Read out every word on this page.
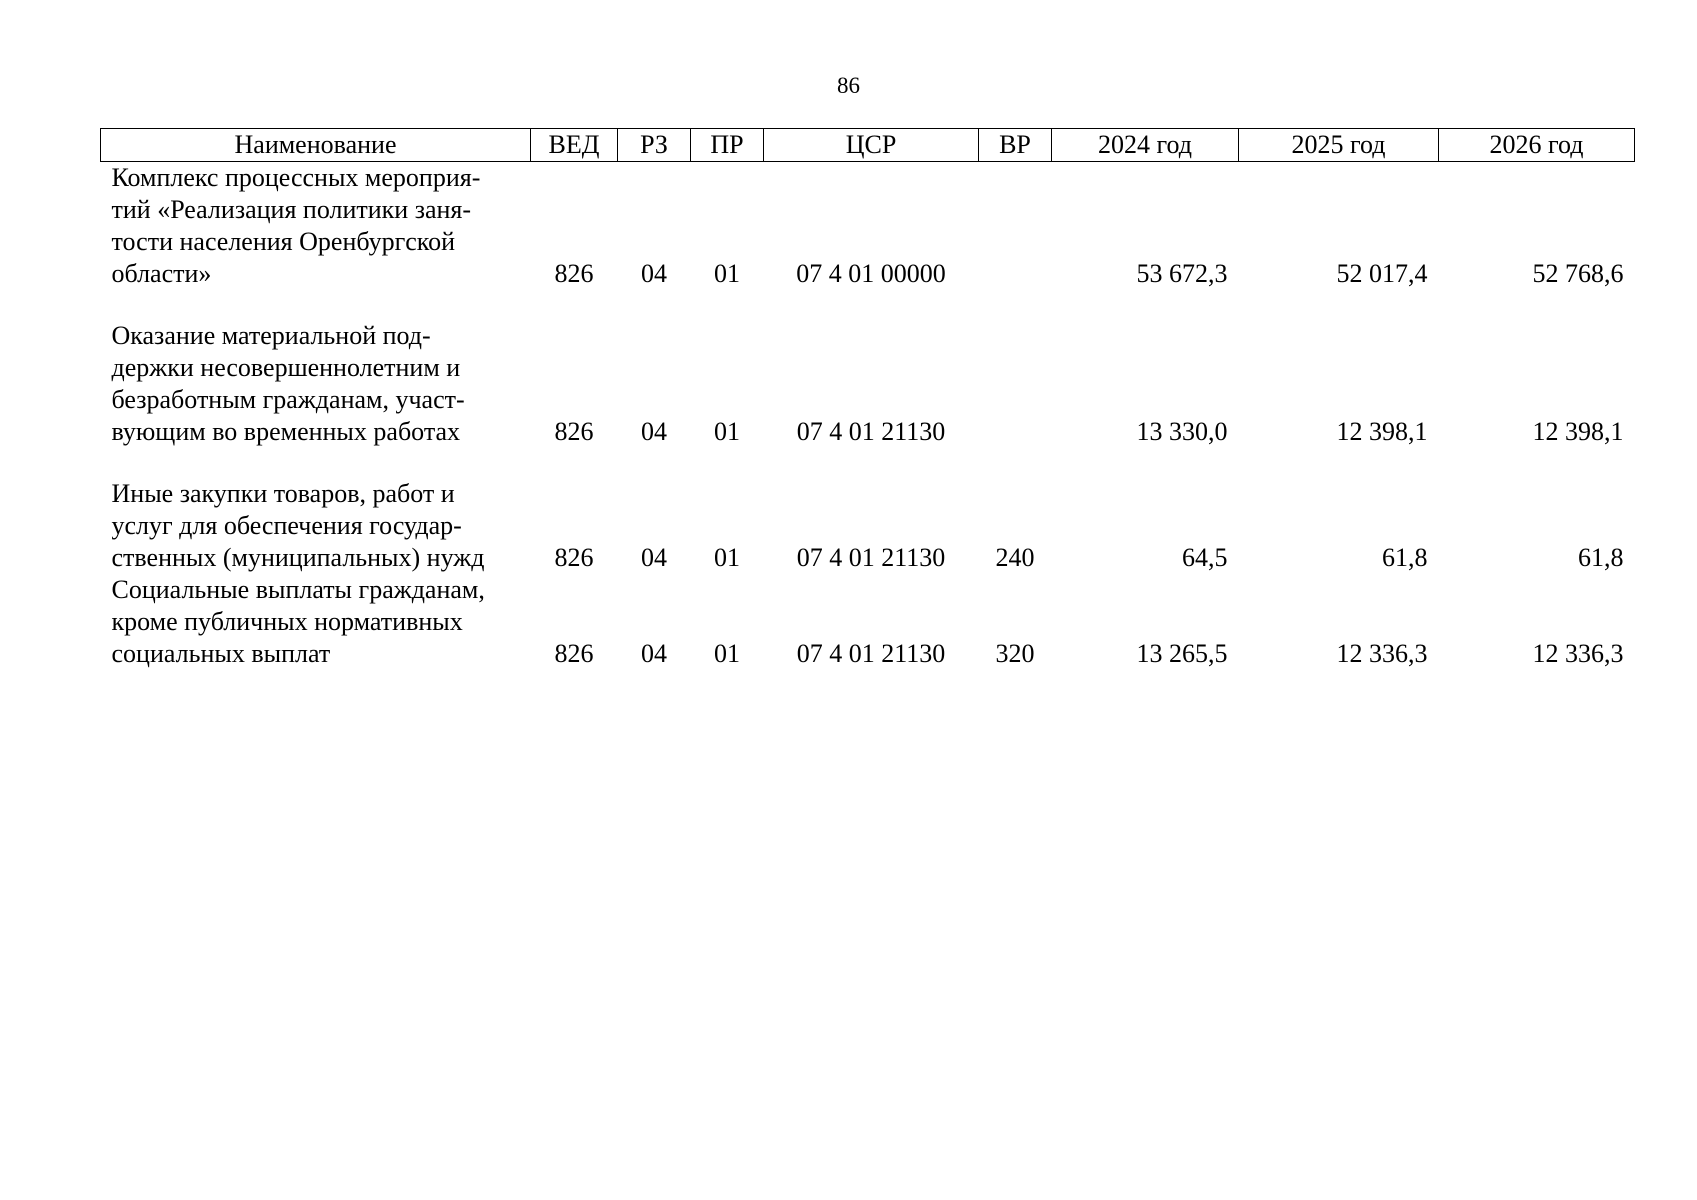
86
Наименование	ВЕД	РЗ	ПР	ЦСР	ВР	2024 год	2025 год	2026 год

Комплекс процессных мероприя-
тий «Реализация политики заня-
тости населения Оренбургской
области»	826	04	01	07 4 01 00000		53 672,3	52 017,4	52 768,6

Оказание материальной под-
держки несовершеннолетним и
безработным гражданам, участ-
вующим во временных работах	826	04	01	07 4 01 21130		13 330,0	12 398,1	12 398,1

Иные закупки товаров, работ и
услуг для обеспечения государ-
ственных (муниципальных) нужд	826	04	01	07 4 01 21130	240	64,5	61,8	61,8

Социальные выплаты гражданам,
кроме публичных нормативных
социальных выплат	826	04	01	07 4 01 21130	320	13 265,5	12 336,3	12 336,3
